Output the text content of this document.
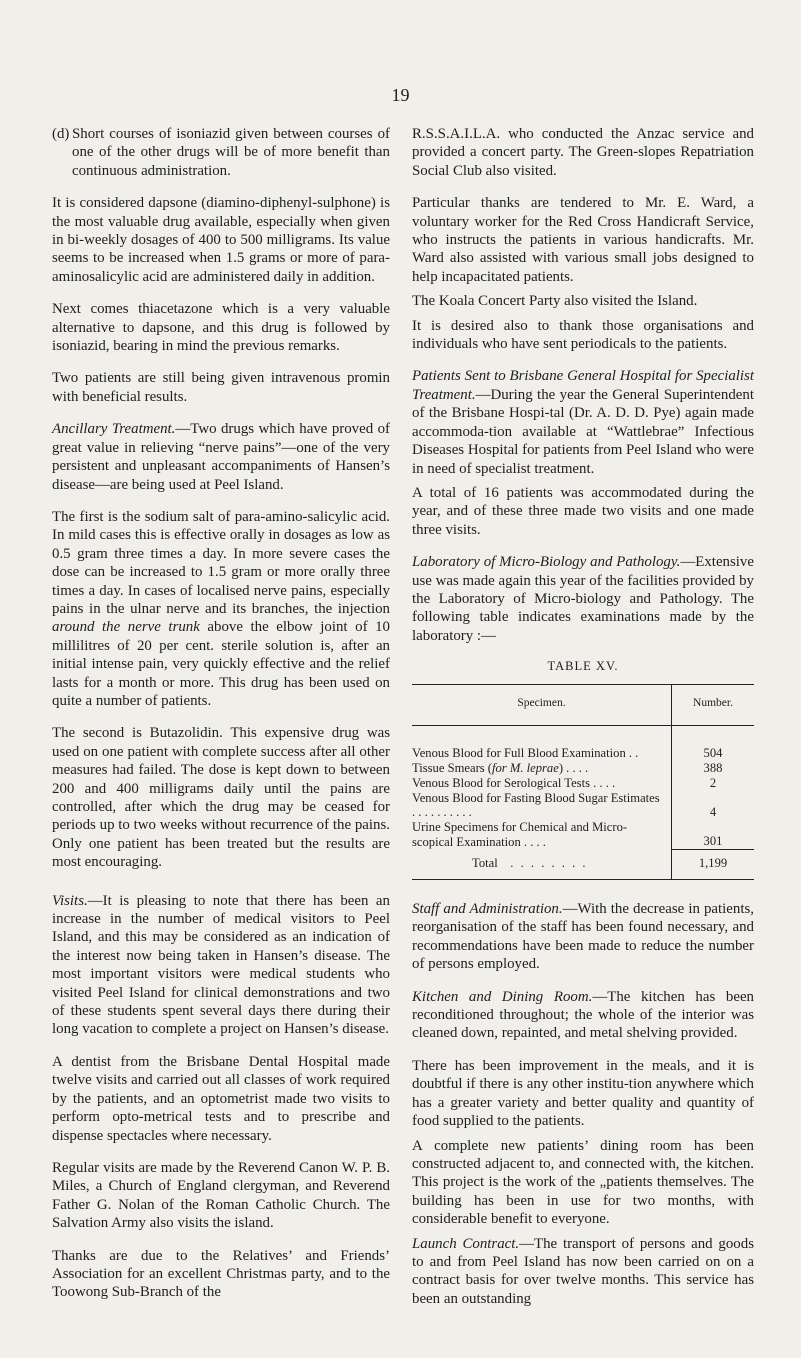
19

(d) Short courses of isoniazid given between courses of one of the other drugs will be of more benefit than continuous administration.

It is considered dapsone (diamino-diphenyl-sulphone) is the most valuable drug available, especially when given in bi-weekly dosages of 400 to 500 milligrams. Its value seems to be increased when 1.5 grams or more of para-aminosalicylic acid are administered daily in addition.

Next comes thiacetazone which is a very valuable alternative to dapsone, and this drug is followed by isoniazid, bearing in mind the previous remarks.

Two patients are still being given intravenous promin with beneficial results.

Ancillary Treatment.—Two drugs which have proved of great value in relieving “nerve pains”—one of the very persistent and unpleasant accompaniments of Hansen’s disease—are being used at Peel Island.

The first is the sodium salt of para-amino-salicylic acid. In mild cases this is effective orally in dosages as low as 0.5 gram three times a day. In more severe cases the dose can be increased to 1.5 gram or more orally three times a day. In cases of localised nerve pains, especially pains in the ulnar nerve and its branches, the injection around the nerve trunk above the elbow joint of 10 millilitres of 20 per cent. sterile solution is, after an initial intense pain, very quickly effective and the relief lasts for a month or more. This drug has been used on quite a number of patients.

The second is Butazolidin. This expensive drug was used on one patient with complete success after all other measures had failed. The dose is kept down to between 200 and 400 milligrams daily until the pains are controlled, after which the drug may be ceased for periods up to two weeks without recurrence of the pains. Only one patient has been treated but the results are most encouraging.

Visits.—It is pleasing to note that there has been an increase in the number of medical visitors to Peel Island, and this may be considered as an indication of the interest now being taken in Hansen’s disease. The most important visitors were medical students who visited Peel Island for clinical demonstrations and two of these students spent several days there during their long vacation to complete a project on Hansen’s disease.

A dentist from the Brisbane Dental Hospital made twelve visits and carried out all classes of work required by the patients, and an optometrist made two visits to perform opto-metrical tests and to prescribe and dispense spectacles where necessary.

Regular visits are made by the Reverend Canon W. P. B. Miles, a Church of England clergyman, and Reverend Father G. Nolan of the Roman Catholic Church. The Salvation Army also visits the island.

Thanks are due to the Relatives’ and Friends’ Association for an excellent Christmas party, and to the Toowong Sub-Branch of the

R.S.S.A.I.L.A. who conducted the Anzac service and provided a concert party. The Green-slopes Repatriation Social Club also visited.

Particular thanks are tendered to Mr. E. Ward, a voluntary worker for the Red Cross Handicraft Service, who instructs the patients in various handicrafts. Mr. Ward also assisted with various small jobs designed to help incapacitated patients.

The Koala Concert Party also visited the Island.

It is desired also to thank those organisations and individuals who have sent periodicals to the patients.

Patients Sent to Brisbane General Hospital for Specialist Treatment.—During the year the General Superintendent of the Brisbane Hospi-tal (Dr. A. D. D. Pye) again made accommoda-tion available at “Wattlebrae” Infectious Diseases Hospital for patients from Peel Island who were in need of specialist treatment.

A total of 16 patients was accommodated during the year, and of these three made two visits and one made three visits.

Laboratory of Micro-Biology and Pathology.—Extensive use was made again this year of the facilities provided by the Laboratory of Micro-biology and Pathology. The following table indicates examinations made by the laboratory :—

TABLE XV.
Specimen.	Number.

Venous Blood for Full Blood Examination . .	504
Tissue Smears (for M. leprae) . . . .	388
Venous Blood for Serological Tests . . . .	2
Venous Blood for Fasting Blood Sugar Estimates . . . . . . . . . .	4
Urine Specimens for Chemical and Micro-scopical Examination . . . .	301
Total . . . . . . . .	1,199

Staff and Administration.—With the decrease in patients, reorganisation of the staff has been found necessary, and recommendations have been made to reduce the number of persons employed.

Kitchen and Dining Room.—The kitchen has been reconditioned throughout; the whole of the interior was cleaned down, repainted, and metal shelving provided.

There has been improvement in the meals, and it is doubtful if there is any other institu-tion anywhere which has a greater variety and better quality and quantity of food supplied to the patients.

A complete new patients’ dining room has been constructed adjacent to, and connected with, the kitchen. This project is the work of the „patients themselves. The building has been in use for two months, with considerable benefit to everyone.

Launch Contract.—The transport of persons and goods to and from Peel Island has now been carried on on a contract basis for over twelve months. This service has been an outstanding
